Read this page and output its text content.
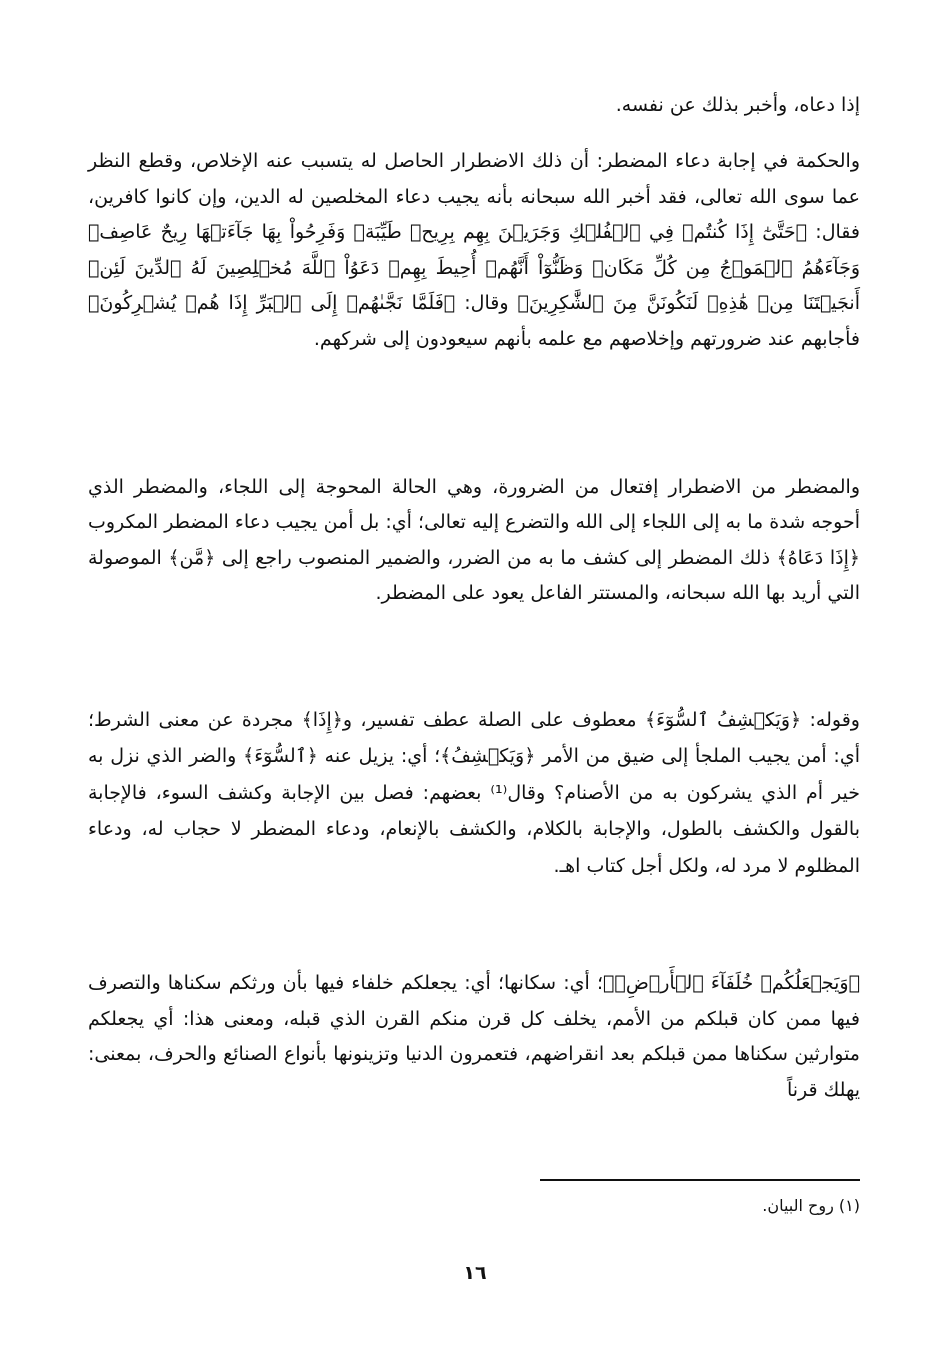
إذا دعاه، وأخبر بذلك عن نفسه.

والحكمة في إجابة دعاء المضطر: أن ذلك الاضطرار الحاصل له يتسبب عنه الإخلاص، وقطع النظر عما سوى الله تعالى، فقد أخبر الله سبحانه بأنه يجيب دعاء المخلصين له الدين، وإن كانوا كافرين، فقال: ﴿حَتَّىٰٓ إِذَا كُنتُمۡ فِي ٱلۡفُلۡكِ وَجَرَيۡنَ بِهِم بِرِيحٖ طَيِّبَةٖ وَفَرِحُواْ بِهَا جَآءَتۡهَا رِيحٌ عَاصِفٞ وَجَآءَهُمُ ٱلۡمَوۡجُ مِن كُلِّ مَكَانٖ وَظَنُّوٓاْ أَنَّهُمۡ أُحِيطَ بِهِمۡ دَعَوُاْ ٱللَّهَ مُخۡلِصِينَ لَهُ ٱلدِّينَ لَئِنۡ أَنجَيۡتَنَا مِنۡ هَٰذِهِۦ لَنَكُونَنَّ مِنَ ٱلشَّٰكِرِينَ﴾ وقال: ﴿فَلَمَّا نَجَّىٰهُمۡ إِلَى ٱلۡبَرِّ إِذَا هُمۡ يُشۡرِكُونَ﴾ فأجابهم عند ضرورتهم وإخلاصهم مع علمه بأنهم سيعودون إلى شركهم.

والمضطر من الاضطرار إفتعال من الضرورة، وهي الحالة المحوجة إلى اللجاء، والمضطر الذي أحوجه شدة ما به إلى اللجاء إلى الله والتضرع إليه تعالى؛ أي: بل أمن يجيب دعاء المضطر المكروب ﴿إِذَا دَعَاهُ﴾ ذلك المضطر إلى كشف ما به من الضرر، والضمير المنصوب راجع إلى ﴿مَّن﴾ الموصولة التي أريد بها الله سبحانه، والمستتر الفاعل يعود على المضطر.

وقوله: ﴿وَيَكۡشِفُ ٱلسُّوٓءَ﴾ معطوف على الصلة عطف تفسير، و﴿إِذَا﴾ مجردة عن معنى الشرط؛ أي: أمن يجيب الملجأ إلى ضيق من الأمر ﴿وَيَكۡشِفُ﴾؛ أي: يزيل عنه ﴿ٱلسُّوٓءَ﴾ والضر الذي نزل به خير أم الذي يشركون به من الأصنام؟ وقال⁽¹⁾ بعضهم: فصل بين الإجابة وكشف السوء، فالإجابة بالقول والكشف بالطول، والإجابة بالكلام، والكشف بالإنعام، ودعاء المضطر لا حجاب له، ودعاء المظلوم لا مرد له، ولكل أجل كتاب اهـ.

﴿وَيَجۡعَلُكُمۡ خُلَفَآءَ ٱلۡأَرۡضِۗ﴾؛ أي: سكانها؛ أي: يجعلكم خلفاء فيها بأن ورثكم سكناها والتصرف فيها ممن كان قبلكم من الأمم، يخلف كل قرن منكم القرن الذي قبله، ومعنى هذا: أي يجعلكم متوارثين سكناها ممن قبلكم بعد انقراضهم، فتعمرون الدنيا وتزينونها بأنواع الصنائع والحرف، بمعنى: يهلك قرناً

(١) روح البيان.

١٦
